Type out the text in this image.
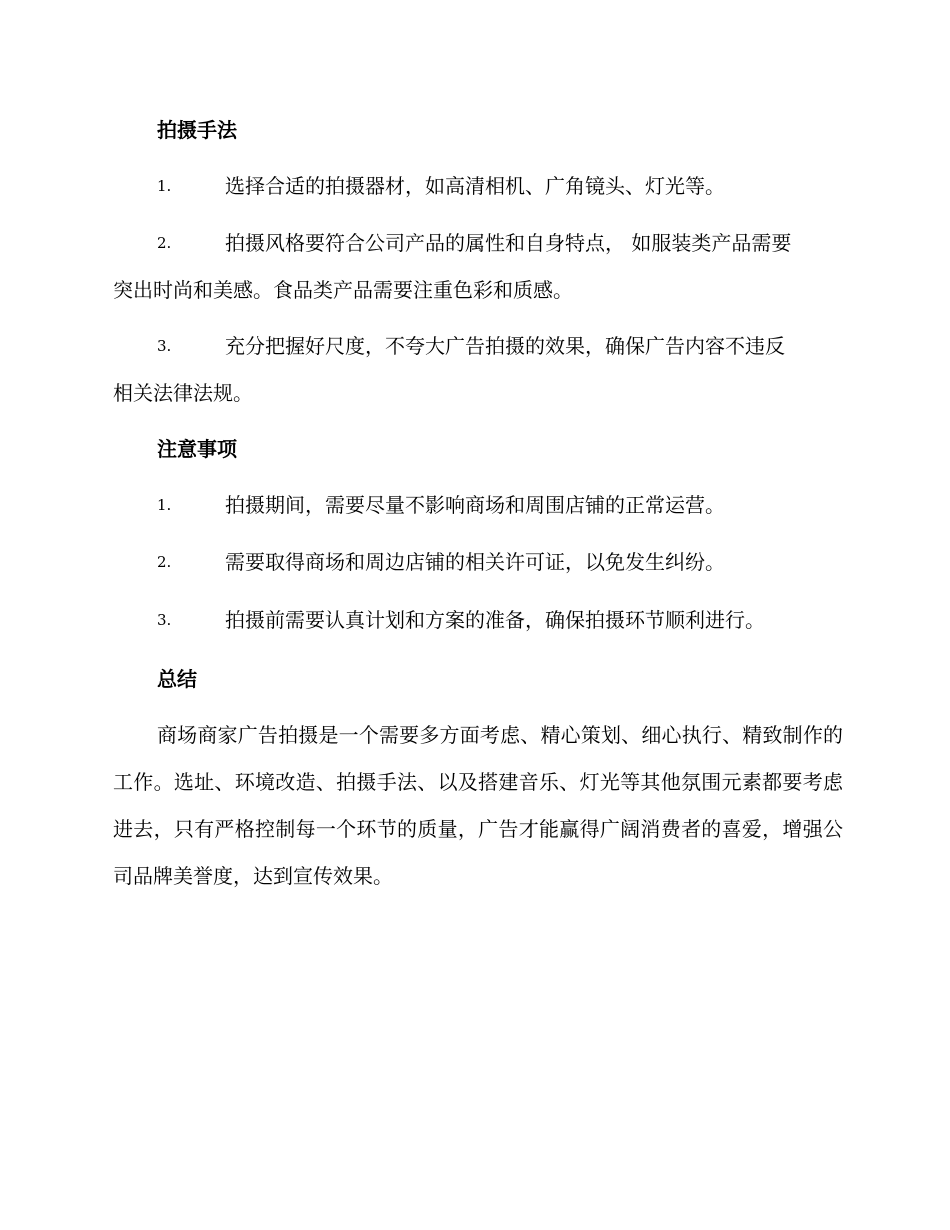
拍摄手法
1.	选择合适的拍摄器材，如高清相机、广角镜头、灯光等。
2.	拍摄风格要符合公司产品的属性和自身特点， 如服装类产品需要
突出时尚和美感。食品类产品需要注重色彩和质感。
3.	充分把握好尺度，不夸大广告拍摄的效果，确保广告内容不违反
相关法律法规。
注意事项
1.	拍摄期间，需要尽量不影响商场和周围店铺的正常运营。
2.	需要取得商场和周边店铺的相关许可证，以免发生纠纷。
3.	拍摄前需要认真计划和方案的准备，确保拍摄环节顺利进行。
总结
商场商家广告拍摄是一个需要多方面考虑、精心策划、细心执行、精致制作的工作。选址、环境改造、拍摄手法、以及搭建音乐、灯光等其他氛围元素都要考虑进去，只有严格控制每一个环节的质量，广告才能赢得广阔消费者的喜爱，增强公司品牌美誉度，达到宣传效果。
